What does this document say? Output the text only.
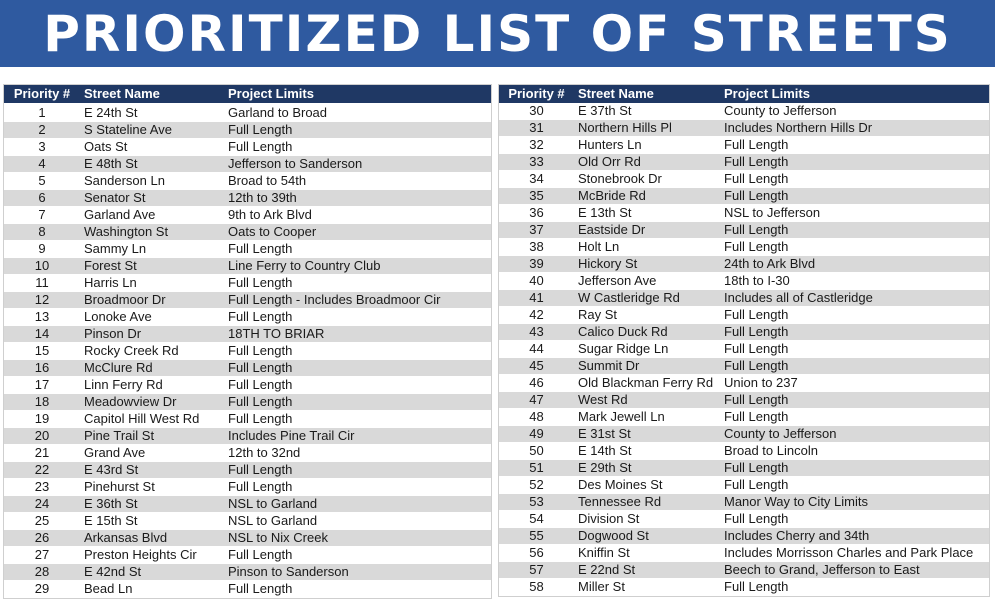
PRIORITIZED LIST OF STREETS
Priority #	Street Name	Project Limits
1	E 24th St	Garland to Broad
2	S Stateline Ave	Full Length
3	Oats St	Full Length
4	E 48th St	Jefferson to Sanderson
5	Sanderson Ln	Broad to 54th
6	Senator St	12th to 39th
7	Garland Ave	9th to Ark Blvd
8	Washington St	Oats to Cooper
9	Sammy Ln	Full Length
10	Forest St	Line Ferry to Country Club
11	Harris Ln	Full Length
12	Broadmoor Dr	Full Length - Includes Broadmoor Cir
13	Lonoke Ave	Full Length
14	Pinson Dr	18TH TO BRIAR
15	Rocky Creek Rd	Full Length
16	McClure Rd	Full Length
17	Linn Ferry Rd	Full Length
18	Meadowview Dr	Full Length
19	Capitol Hill West Rd	Full Length
20	Pine Trail St	Includes Pine Trail Cir
21	Grand Ave	12th to 32nd
22	E 43rd St	Full Length
23	Pinehurst St	Full Length
24	E 36th St	NSL to Garland
25	E 15th St	NSL to Garland
26	Arkansas Blvd	NSL to Nix Creek
27	Preston Heights Cir	Full Length
28	E 42nd St	Pinson to Sanderson
29	Bead Ln	Full Length
Priority #	Street Name	Project Limits
30	E 37th St	County to Jefferson
31	Northern Hills Pl	Includes Northern Hills Dr
32	Hunters Ln	Full Length
33	Old Orr Rd	Full Length
34	Stonebrook Dr	Full Length
35	McBride Rd	Full Length
36	E 13th St	NSL to Jefferson
37	Eastside Dr	Full Length
38	Holt Ln	Full Length
39	Hickory St	24th to Ark Blvd
40	Jefferson Ave	18th to I-30
41	W Castleridge Rd	Includes all of Castleridge
42	Ray St	Full Length
43	Calico Duck Rd	Full Length
44	Sugar Ridge Ln	Full Length
45	Summit Dr	Full Length
46	Old Blackman Ferry Rd	Union to 237
47	West Rd	Full Length
48	Mark Jewell Ln	Full Length
49	E 31st St	County to Jefferson
50	E 14th St	Broad to Lincoln
51	E 29th St	Full Length
52	Des Moines St	Full Length
53	Tennessee Rd	Manor Way to City Limits
54	Division St	Full Length
55	Dogwood St	Includes Cherry and 34th
56	Kniffin St	Includes Morrisson Charles and Park Place
57	E 22nd St	Beech to Grand, Jefferson to East
58	Miller St	Full Length
